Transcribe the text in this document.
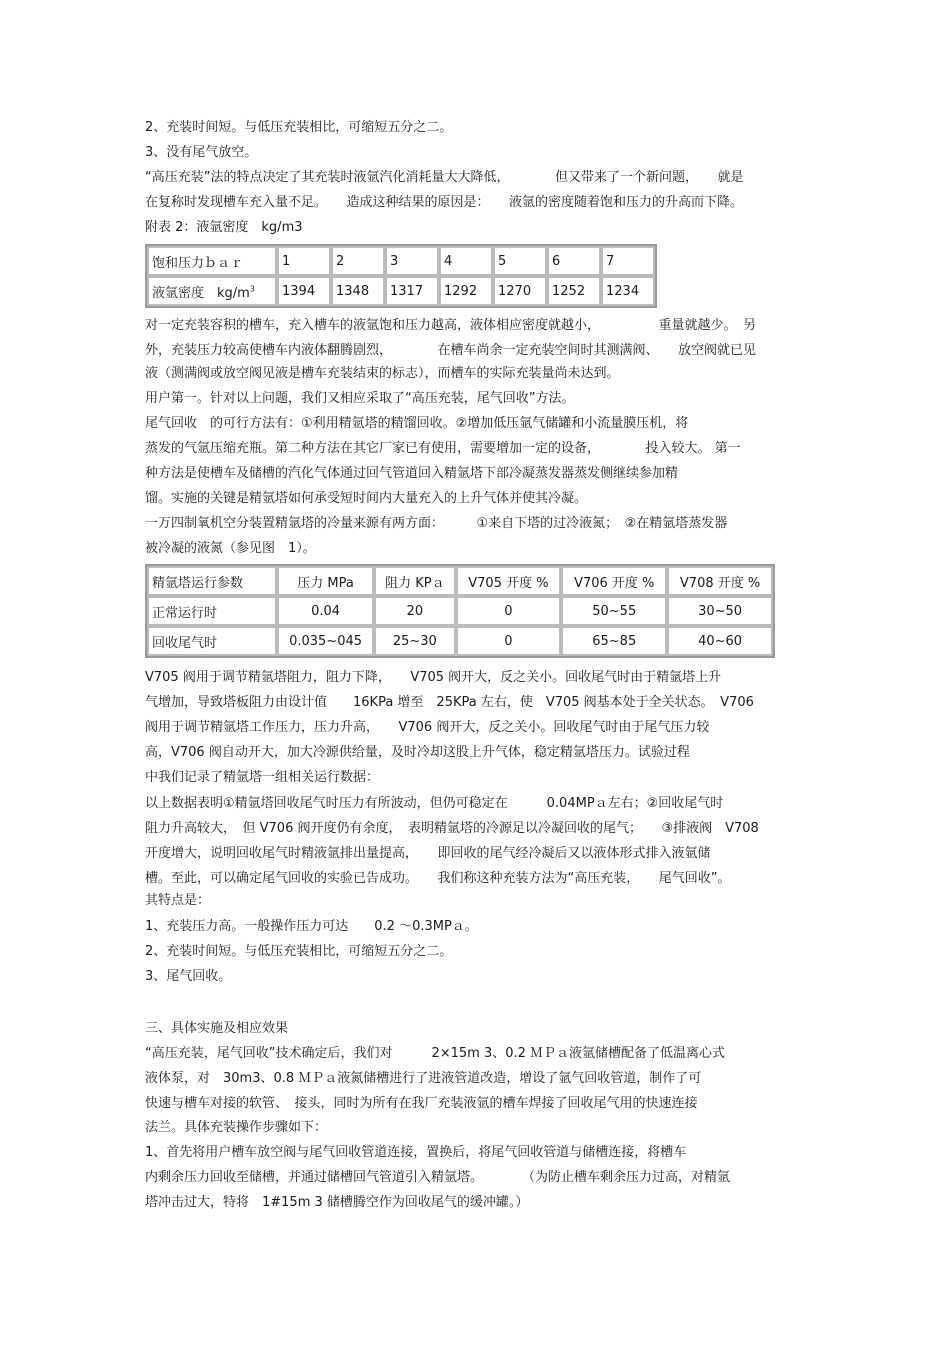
2、充装时间短。与低压充装相比，可缩短五分之二。
3、没有尾气放空。
“高压充装”法的特点决定了其充装时液氩汽化消耗量大大降低，　　　　但又带来了一个新问题，　　就是
在复称时发现槽车充入量不足。　　造成这种结果的原因是：　　液氩的密度随着饱和压力的升高而下降。
附表 2：液氩密度　kg/m3
饱和压力ｂａｒ	1	2	3	4	5	6	7
液氩密度　$kg/m^3$	1394	1348	1317	1292	1270	1252	1234
对一定充装容积的槽车，充入槽车的液氩饱和压力越高，液体相应密度就越小，　　　　　重量就越少。　另
外，充装压力较高使槽车内液体翻腾剧烈，　　　　在槽车尚余一定充装空间时其测满阀、　　放空阀就已见
液（测满阀或放空阀见液是槽车充装结束的标志），而槽车的实际充装量尚未达到。
用户第一。针对以上问题，我们又相应采取了“高压充装，尾气回收”方法。
尾气回收　的可行方法有：①利用精氩塔的精馏回收。②增加低压氩气储罐和小流量膜压机，将
蒸发的气氩压缩充瓶。第二种方法在其它厂家已有使用，需要增加一定的设备，　　　　投入较大。 第一
种方法是使槽车及储槽的汽化气体通过回气管道回入精氩塔下部冷凝蒸发器蒸发侧继续参加精
馏。实施的关键是精氩塔如何承受短时间内大量充入的上升气体并使其冷凝。
一万四制氧机空分装置精氩塔的冷量来源有两方面：　　　①来自下塔的过冷液氮；　②在精氩塔蒸发器
被冷凝的液氮（参见图　1）。
精氩塔运行参数	压力 MPa	阻力 KPａ	V705 开度 %	V706 开度 %	V708 开度 %
正常运行时	0.04	20	0	50~55	30~50
回收尾气时	0.035~045	25~30	0	65~85	40~60
V705 阀用于调节精氩塔阻力，阻力下降，　　V705 阀开大，反之关小。回收尾气时由于精氩塔上升
气增加，导致塔板阻力由设计值　　16KPa 增至　25KPa 左右，使　V705 阀基本处于全关状态。　V706
阀用于调节精氩塔工作压力，压力升高，　　V706 阀开大，反之关小。回收尾气时由于尾气压力较
高，V706 阀自动开大，加大冷源供给量，及时冷却这股上升气体，稳定精氩塔压力。试验过程
中我们记录了精氩塔一组相关运行数据：
以上数据表明①精氩塔回收尾气时压力有所波动，但仍可稳定在　　　0.04MPａ左右；②回收尾气时
阻力升高较大，　但 V706 阀开度仍有余度，　表明精氩塔的冷源足以冷凝回收的尾气；　　③排液阀　V708
开度增大，说明回收尾气时精液氩排出量提高，　　即回收的尾气经冷凝后又以液体形式排入液氩储
槽。至此，可以确定尾气回收的实验已告成功。　　我们称这种充装方法为“高压充装，　　尾气回收”。
其特点是：
1、充装压力高。一般操作压力可达　　0.2 ～0.3MPａ。
2、充装时间短。与低压充装相比，可缩短五分之二。
3、尾气回收。
三、具体实施及相应效果
“高压充装，尾气回收”技术确定后，我们对　　　2×15m 3、0.2 ＭＰａ液氩储槽配备了低温离心式
液体泵，对　30m3、0.8 ＭＰａ液氮储槽进行了进液管道改造，增设了氩气回收管道，制作了可
快速与槽车对接的软管、　接头，同时为所有在我厂充装液氩的槽车焊接了回收尾气用的快速连接
法兰。具体充装操作步骤如下：
1、首先将用户槽车放空阀与尾气回收管道连接，置换后，将尾气回收管道与储槽连接，将槽车
内剩余压力回收至储槽，并通过储槽回气管道引入精氩塔。　　　　（为防止槽车剩余压力过高，对精氩
塔冲击过大，特将　1#15m 3 储槽腾空作为回收尾气的缓冲罐。）
